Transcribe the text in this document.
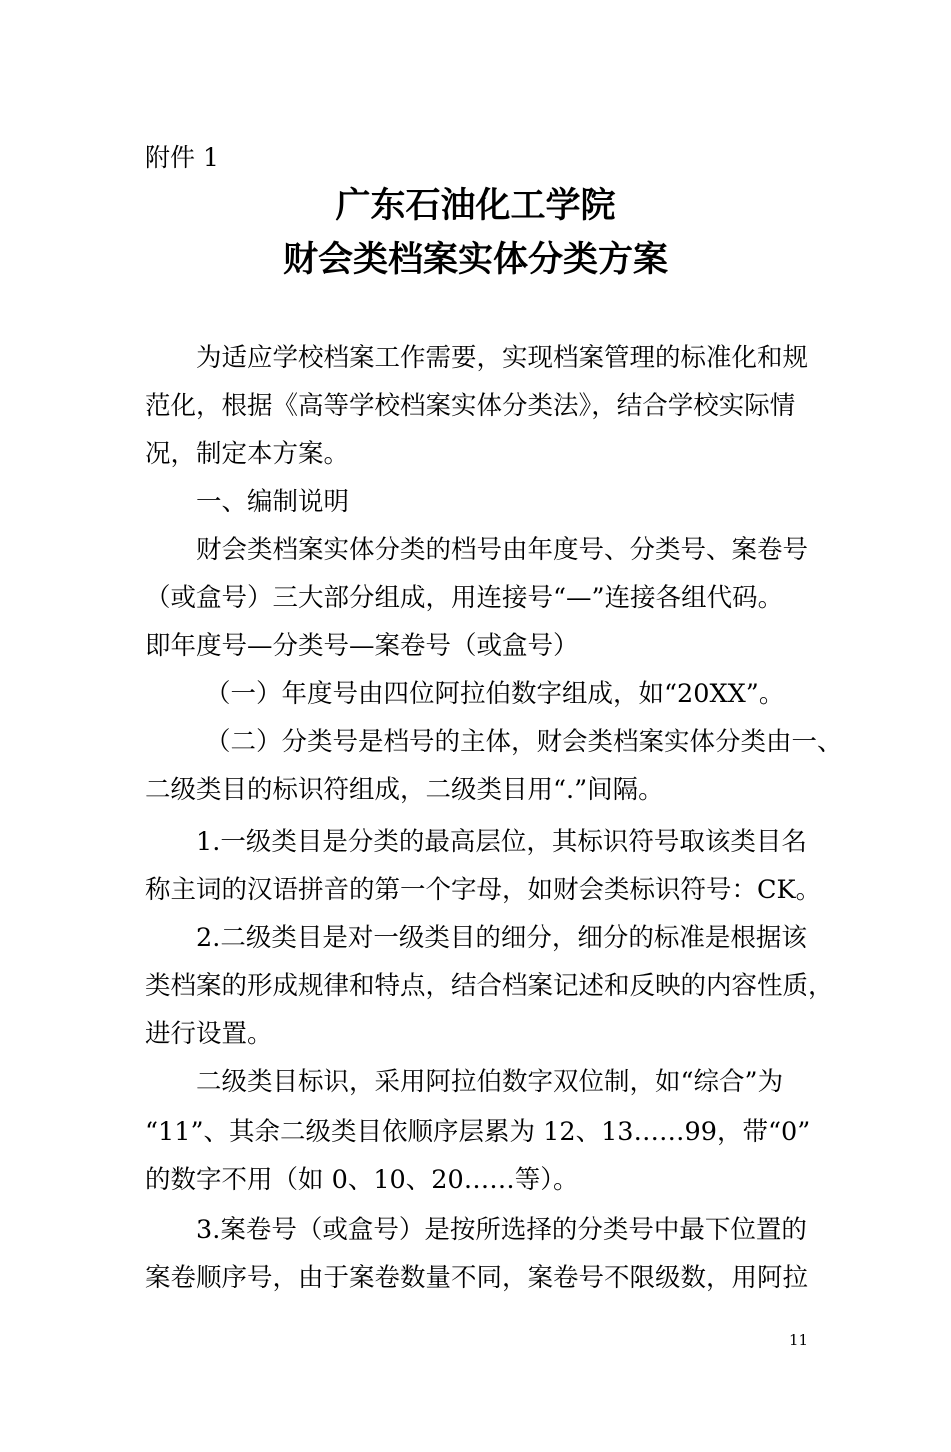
附件 1
广东石油化工学院
财会类档案实体分类方案
为适应学校档案工作需要，实现档案管理的标准化和规
范化，根据《高等学校档案实体分类法》，结合学校实际情
况，制定本方案。
一、编制说明
财会类档案实体分类的档号由年度号、分类号、案卷号
（或盒号）三大部分组成，用连接号“—”连接各组代码。
即年度号—分类号—案卷号（或盒号）
（一）年度号由四位阿拉伯数字组成，如“20XX”。
（二）分类号是档号的主体，财会类档案实体分类由一、
二级类目的标识符组成，二级类目用“.”间隔。
1.一级类目是分类的最高层位，其标识符号取该类目名
称主词的汉语拼音的第一个字母，如财会类标识符号：CK。
2.二级类目是对一级类目的细分，细分的标准是根据该
类档案的形成规律和特点，结合档案记述和反映的内容性质，
进行设置。
二级类目标识，采用阿拉伯数字双位制，如“综合”为
“11”、其余二级类目依顺序层累为 12、13……99，带“0”
的数字不用（如 0、10、20……等）。
3.案卷号（或盒号）是按所选择的分类号中最下位置的
案卷顺序号，由于案卷数量不同，案卷号不限级数，用阿拉
11
